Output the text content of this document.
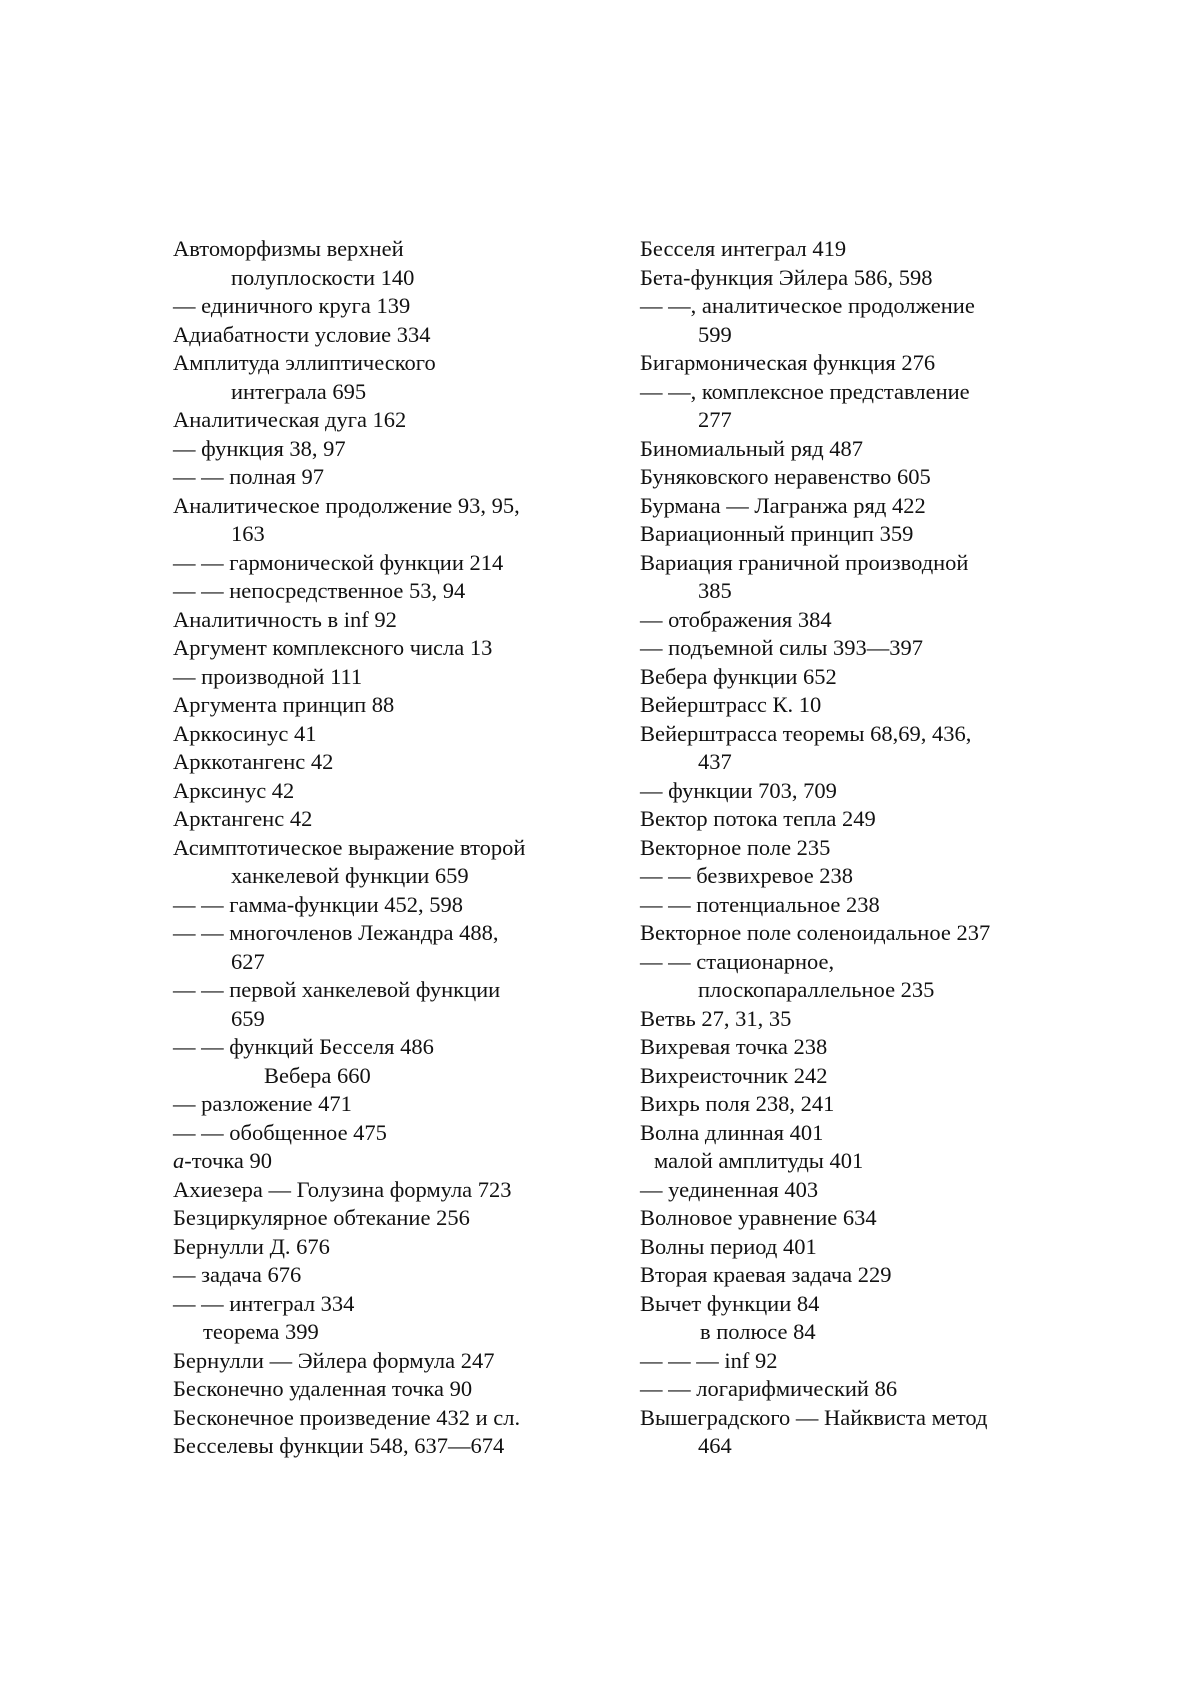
Автоморфизмы верхней
полуплоскости 140
— единичного круга 139
Адиабатности условие 334
Амплитуда эллиптического
интеграла 695
Аналитическая дуга 162
— функция 38, 97
— — полная 97
Аналитическое продолжение 93, 95,
163
— — гармонической функции 214
— — непосредственное 53, 94
Аналитичность в inf 92
Аргумент комплексного числа 13
— производной 111
Аргумента принцип 88
Арккосинус 41
Арккотангенс 42
Арксинус 42
Арктангенс 42
Асимптотическое выражение второй
ханкелевой функции 659
— — гамма-функции 452, 598
— — многочленов Лежандра 488,
627
— — первой ханкелевой функции
659
— — функций Бесселя 486
Вебера 660
— разложение 471
— — обобщенное 475
a-точка 90
Ахиезера — Голузина формула 723
Безциркулярное обтекание 256
Бернулли Д. 676
— задача 676
— — интеграл 334
теорема 399
Бернулли — Эйлера формула 247
Бесконечно удаленная точка 90
Бесконечное произведение 432 и сл.
Бесселевы функции 548, 637—674
Бесселя интеграл 419
Бета-функция Эйлера 586, 598
— —, аналитическое продолжение
599
Бигармоническая функция 276
— —, комплексное представление
277
Биномиальный ряд 487
Буняковского неравенство 605
Бурмана — Лагранжа ряд 422
Вариационный принцип 359
Вариация граничной производной
385
— отображения 384
— подъемной силы 393—397
Вебера функции 652
Вейерштрасс К. 10
Вейерштрасса теоремы 68,69, 436,
437
— функции 703, 709
Вектор потока тепла 249
Векторное поле 235
— — безвихревое 238
— — потенциальное 238
Векторное поле соленоидальное 237
— — стационарное,
плоскопараллельное 235
Ветвь 27, 31, 35
Вихревая точка 238
Вихреисточник 242
Вихрь поля 238, 241
Волна длинная 401
малой амплитуды 401
— уединенная 403
Волновое уравнение 634
Волны период 401
Вторая краевая задача 229
Вычет функции 84
в полюсе 84
— — — inf 92
— — логарифмический 86
Вышеградского — Найквиста метод
464
